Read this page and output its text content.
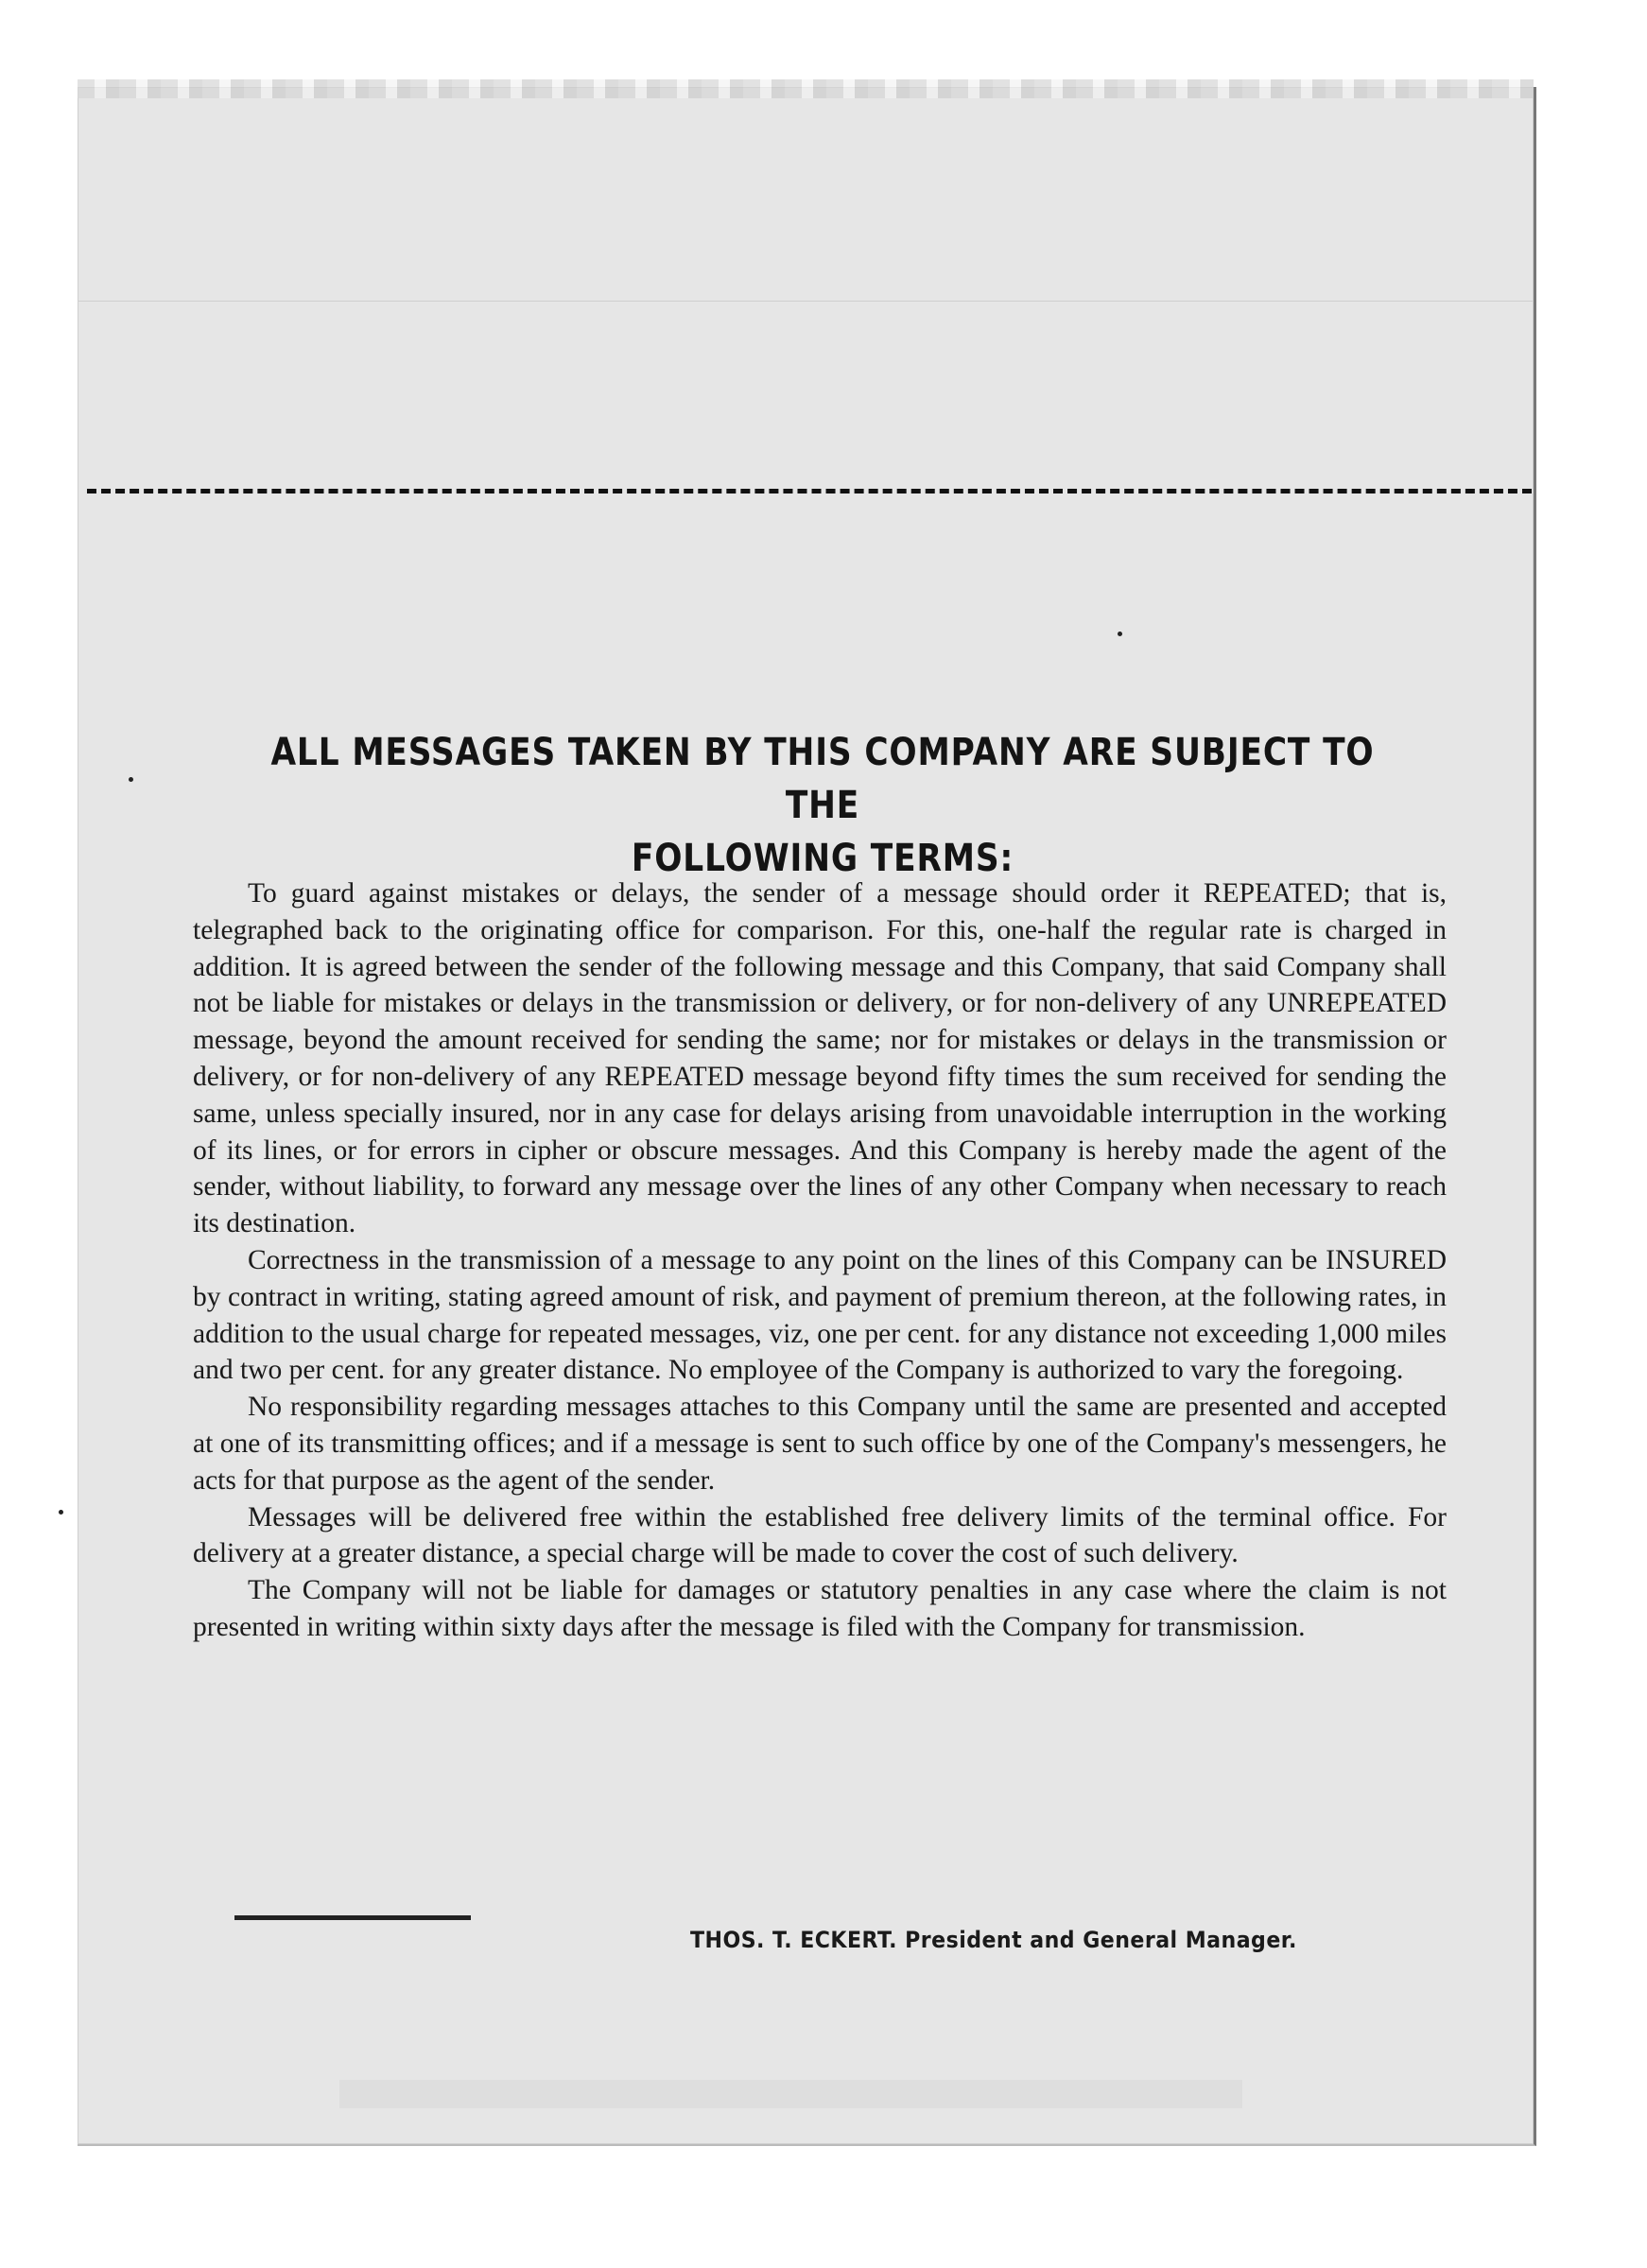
ALL MESSAGES TAKEN BY THIS COMPANY ARE SUBJECT TO THE
FOLLOWING TERMS:

To guard against mistakes or delays, the sender of a message should order it REPEATED; that is, telegraphed back to the originating office for comparison. For this, one-half the regular rate is charged in addition. It is agreed between the sender of the following message and this Company, that said Company shall not be liable for mistakes or delays in the transmission or delivery, or for non-delivery of any UNREPEATED message, beyond the amount received for sending the same; nor for mistakes or delays in the transmission or delivery, or for non-delivery of any REPEATED message beyond fifty times the sum received for sending the same, unless specially insured, nor in any case for delays arising from unavoidable interruption in the working of its lines, or for errors in cipher or obscure messages. And this Company is hereby made the agent of the sender, without liability, to forward any message over the lines of any other Company when necessary to reach its destination.

Correctness in the transmission of a message to any point on the lines of this Company can be INSURED by contract in writing, stating agreed amount of risk, and payment of premium thereon, at the following rates, in addition to the usual charge for repeated messages, viz, one per cent. for any distance not exceeding 1,000 miles and two per cent. for any greater distance. No employee of the Company is authorized to vary the foregoing.

No responsibility regarding messages attaches to this Company until the same are presented and accepted at one of its transmitting offices; and if a message is sent to such office by one of the Company's messengers, he acts for that purpose as the agent of the sender.

Messages will be delivered free within the established free delivery limits of the terminal office. For delivery at a greater distance, a special charge will be made to cover the cost of such delivery.

The Company will not be liable for damages or statutory penalties in any case where the claim is not presented in writing within sixty days after the message is filed with the Company for transmission.

THOS. T. ECKERT. President and General Manager.
